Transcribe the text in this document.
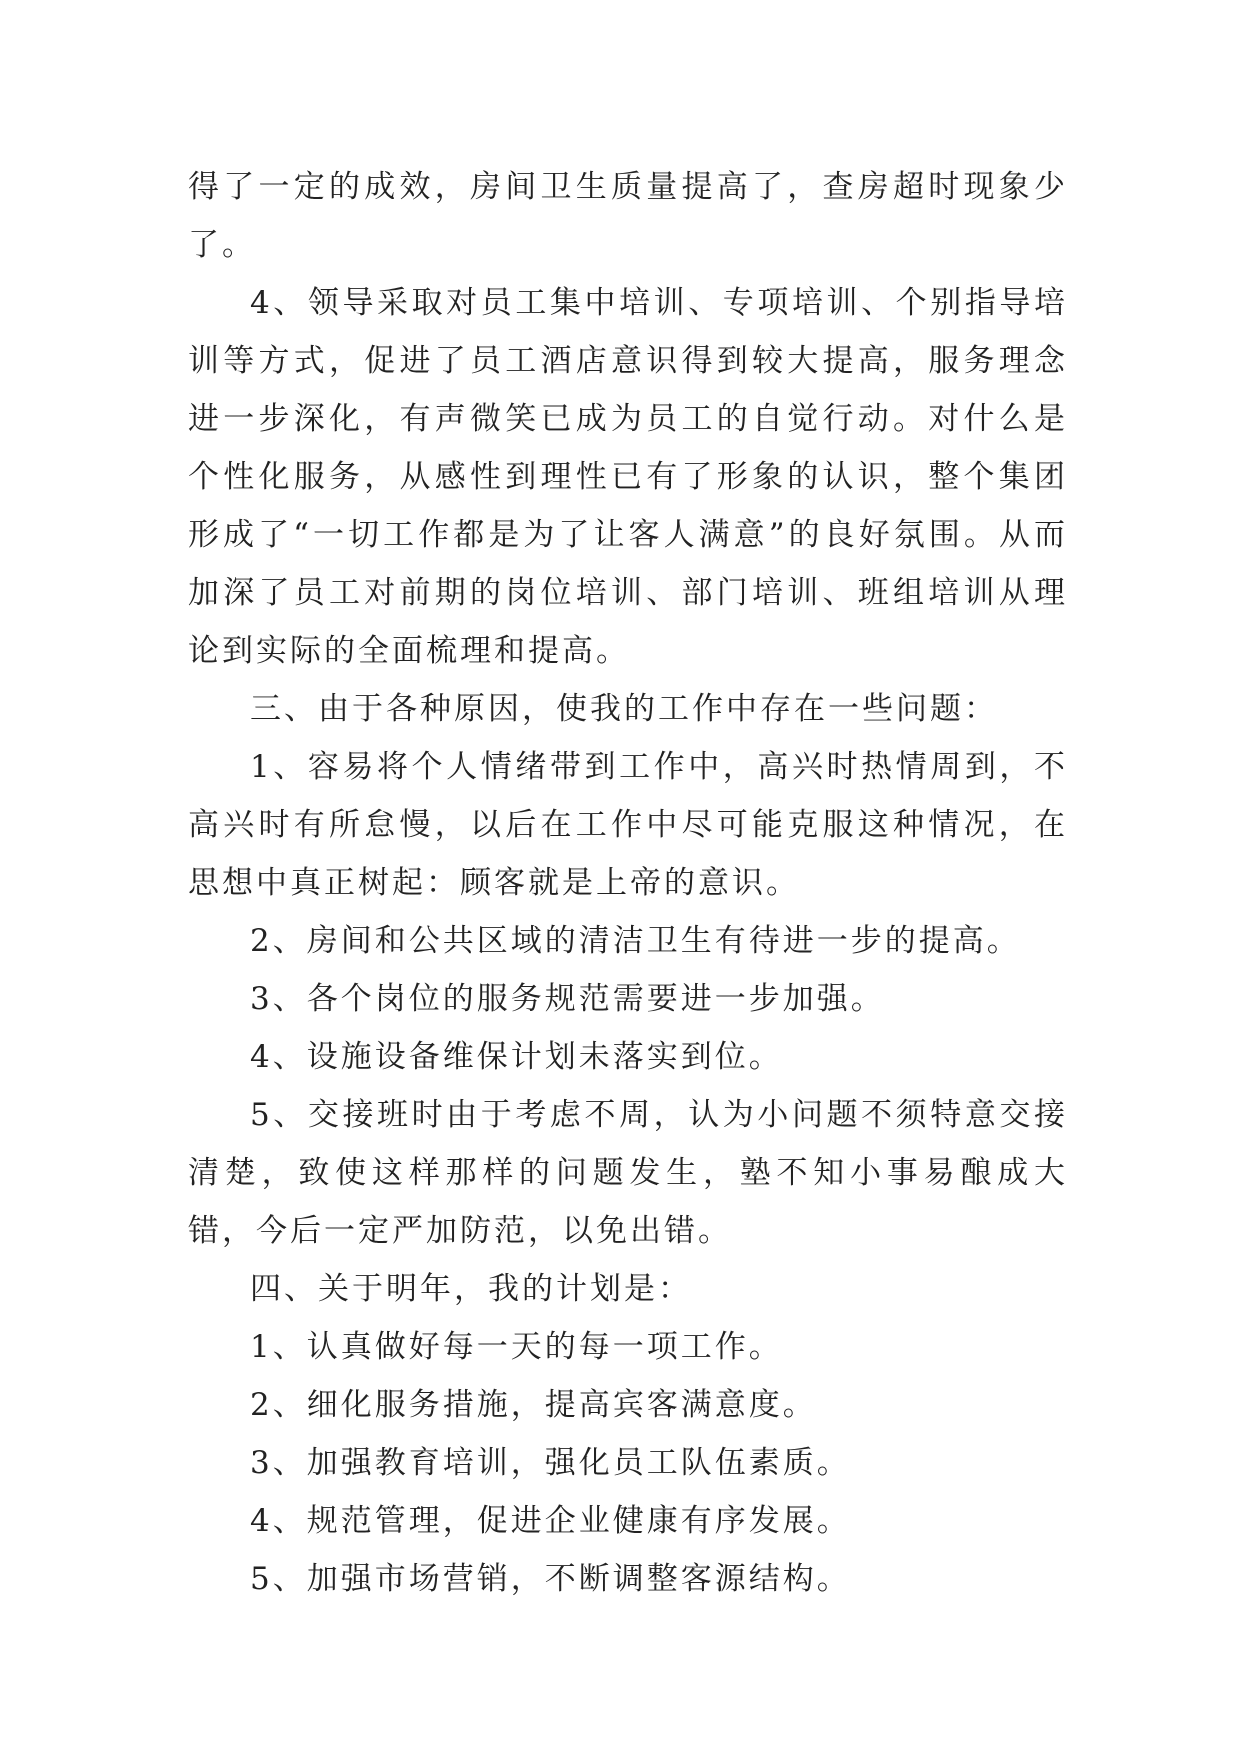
得了一定的成效，房间卫生质量提高了，查房超时现象少了。

4、领导采取对员工集中培训、专项培训、个别指导培训等方式，促进了员工酒店意识得到较大提高，服务理念进一步深化，有声微笑已成为员工的自觉行动。对什么是个性化服务，从感性到理性已有了形象的认识，整个集团形成了“一切工作都是为了让客人满意”的良好氛围。从而加深了员工对前期的岗位培训、部门培训、班组培训从理论到实际的全面梳理和提高。

三、由于各种原因，使我的工作中存在一些问题：

1、容易将个人情绪带到工作中，高兴时热情周到，不高兴时有所怠慢，以后在工作中尽可能克服这种情况，在思想中真正树起：顾客就是上帝的意识。

2、房间和公共区域的清洁卫生有待进一步的提高。

3、各个岗位的服务规范需要进一步加强。

4、设施设备维保计划未落实到位。

5、交接班时由于考虑不周，认为小问题不须特意交接清楚，致使这样那样的问题发生，塾不知小事易酿成大错，今后一定严加防范，以免出错。

四、关于明年，我的计划是：

1、认真做好每一天的每一项工作。

2、细化服务措施，提高宾客满意度。

3、加强教育培训，强化员工队伍素质。

4、规范管理，促进企业健康有序发展。

5、加强市场营销，不断调整客源结构。
